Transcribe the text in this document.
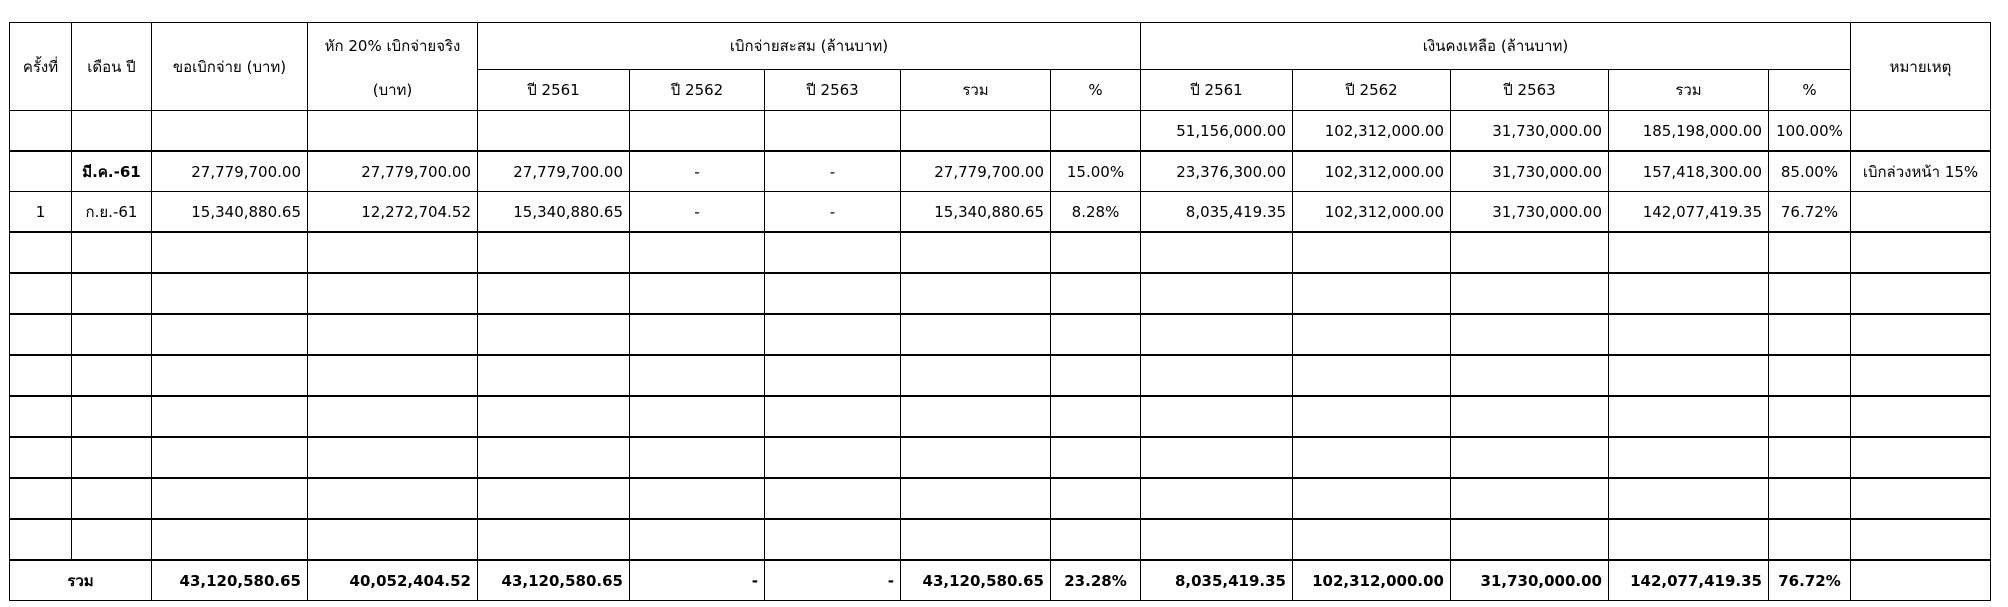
ครั้งที่	เดือน ปี	ขอเบิกจ่าย (บาท)	หัก 20% เบิกจ่ายจริง	เบิกจ่ายสะสม (ล้านบาท)					เงินคงเหลือ (ล้านบาท)					หมายเหตุ
			(บาท)	ปี 2561	ปี 2562	ปี 2563	รวม	%	ปี 2561	ปี 2562	ปี 2563	รวม	%	
									51,156,000.00	102,312,000.00	31,730,000.00	185,198,000.00	100.00%	
	มี.ค.-61	27,779,700.00	27,779,700.00	27,779,700.00	-	-	27,779,700.00	15.00%	23,376,300.00	102,312,000.00	31,730,000.00	157,418,300.00	85.00%	เบิกล่วงหน้า 15%
1	ก.ย.-61	15,340,880.65	12,272,704.52	15,340,880.65	-	-	15,340,880.65	8.28%	8,035,419.35	102,312,000.00	31,730,000.00	142,077,419.35	76.72%	

รวม		43,120,580.65	40,052,404.52	43,120,580.65	-	-	43,120,580.65	23.28%	8,035,419.35	102,312,000.00	31,730,000.00	142,077,419.35	76.72%	
